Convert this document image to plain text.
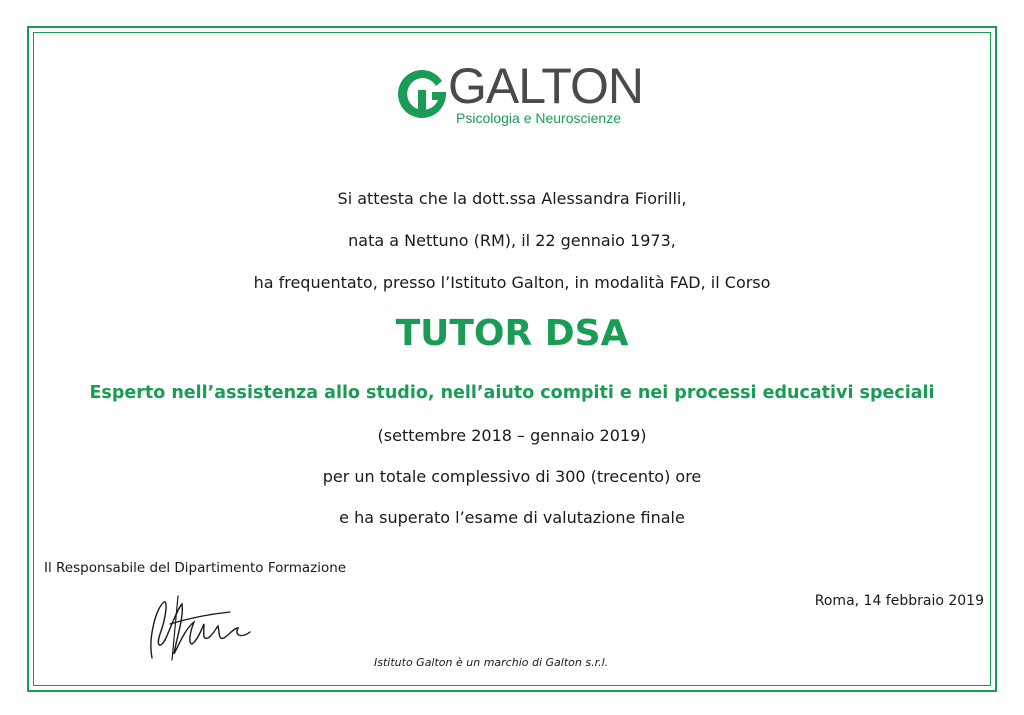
GALTON
Psicologia e Neuroscienze
Si attesta che la dott.ssa Alessandra Fiorilli,
nata a Nettuno (RM), il 22 gennaio 1973,
ha frequentato, presso l’Istituto Galton, in modalità FAD, il Corso
TUTOR DSA
Esperto nell’assistenza allo studio, nell’aiuto compiti e nei processi educativi speciali
(settembre 2018 – gennaio 2019)
per un totale complessivo di 300 (trecento) ore
e ha superato l’esame di valutazione finale
Il Responsabile del Dipartimento Formazione
Roma, 14 febbraio 2019
Istituto Galton è un marchio di Galton s.r.l.
